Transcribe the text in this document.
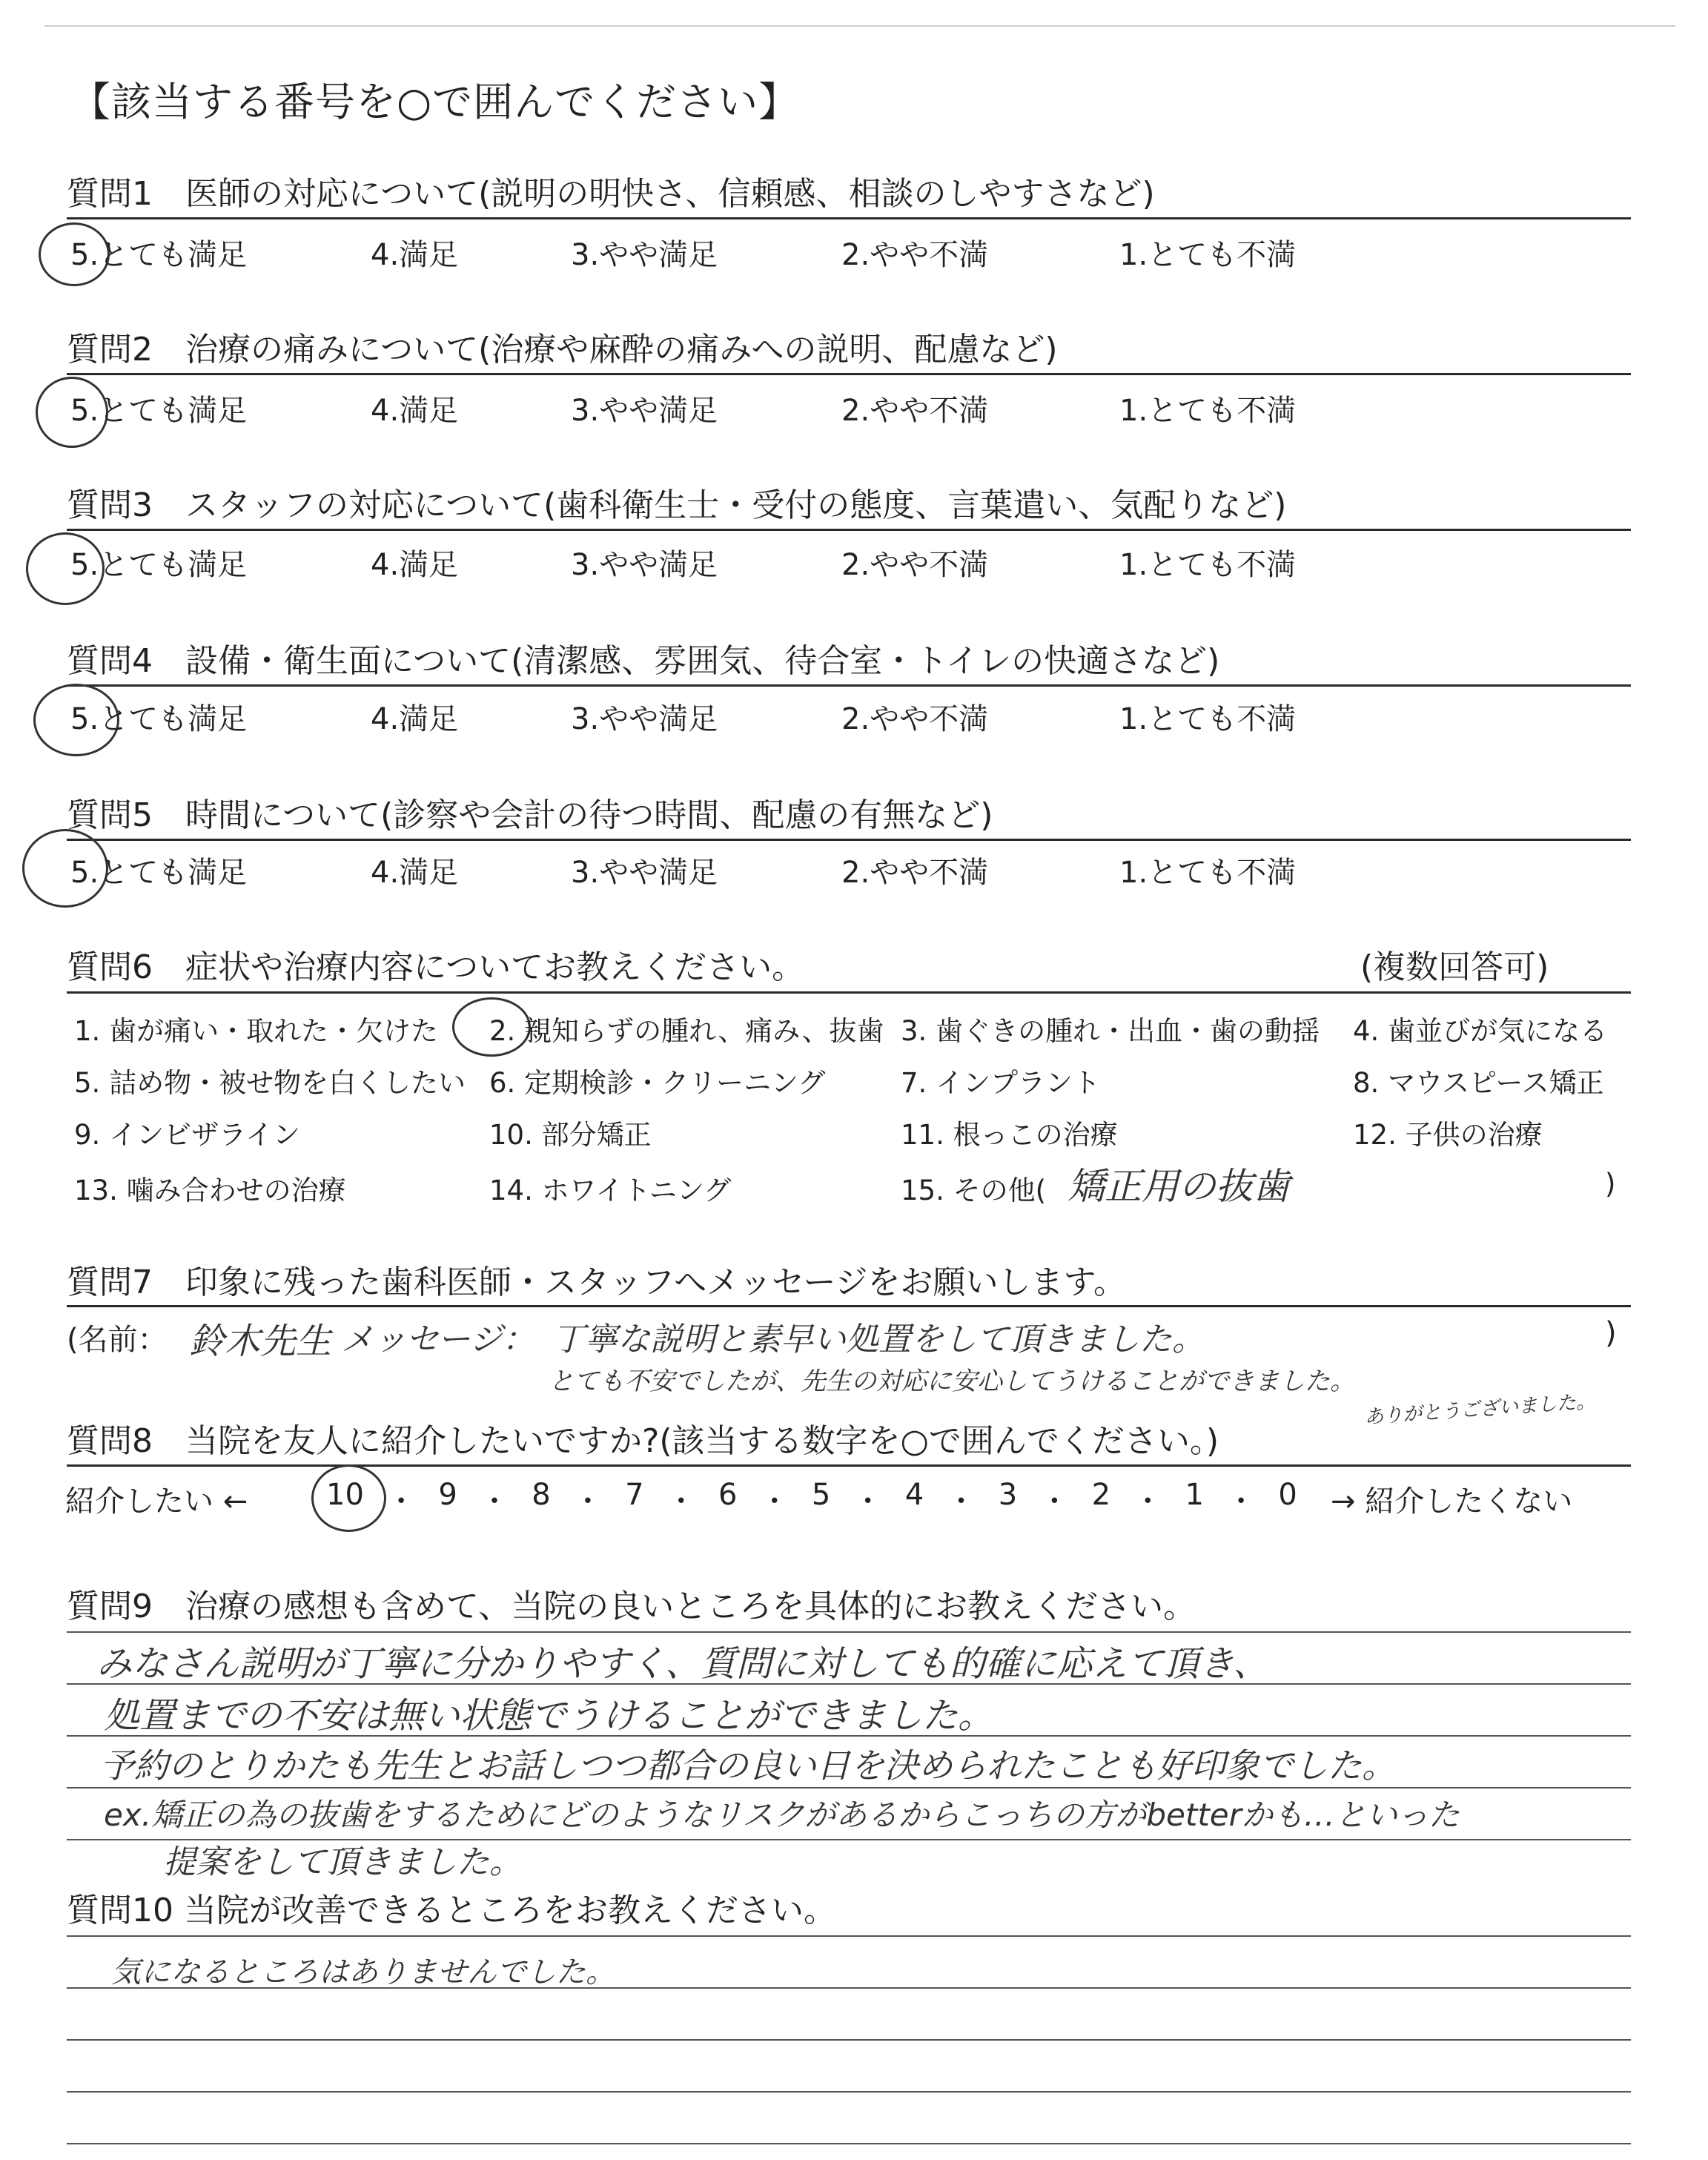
【該当する番号を○で囲んでください】
質問1　医師の対応について(説明の明快さ、信頼感、相談のしやすさなど)
5.とても満足	4.満足	3.やや満足	2.やや不満	1.とても不満
質問2　治療の痛みについて(治療や麻酔の痛みへの説明、配慮など)
5.とても満足	4.満足	3.やや満足	2.やや不満	1.とても不満
質問3　スタッフの対応について(歯科衛生士・受付の態度、言葉遣い、気配りなど)
5.とても満足	4.満足	3.やや満足	2.やや不満	1.とても不満
質問4　設備・衛生面について(清潔感、雰囲気、待合室・トイレの快適さなど)
5.とても満足	4.満足	3.やや満足	2.やや不満	1.とても不満
質問5　時間について(診察や会計の待つ時間、配慮の有無など)
5.とても満足	4.満足	3.やや満足	2.やや不満	1.とても不満
質問6　症状や治療内容についてお教えください。	(複数回答可)
1. 歯が痛い・取れた・欠けた 2. 親知らずの腫れ、痛み、抜歯 3. 歯ぐきの腫れ・出血・歯の動揺 4. 歯並びが気になる
5. 詰め物・被せ物を白くしたい 6. 定期検診・クリーニング	7. インプラント	8. マウスピース矯正
9. インビザライン	10. 部分矯正	11. 根っこの治療	12. 子供の治療
13. 噛み合わせの治療	14. ホワイトニング	15. その他( 矯正用の抜歯	)
質問7　印象に残った歯科医師・スタッフへメッセージをお願いします。
(名前： 鈴木先生 メッセージ： 丁寧な説明と素早い処置をして頂きました。	)
とても不安でしたが、先生の対応に安心してうけることができました。
ありがとうございました。
質問8　当院を友人に紹介したいですか?(該当する数字を○で囲んでください。)
紹介したい ←	10 ・ 9 ・ 8 ・ 7 ・ 6 ・ 5 ・ 4 ・ 3 ・ 2 ・ 1 ・ 0 → 紹介したくない
質問9　治療の感想も含めて、当院の良いところを具体的にお教えください。
みなさん説明が丁寧に分かりやすく、質問に対しても的確に応えて頂き、
処置までの不安は無い状態でうけることができました。
予約のとりかたも先生とお話しつつ都合の良い日を決められたことも好印象でした。
ex.矯正の為の抜歯をするためにどのようなリスクがあるからこっちの方がbetterかも…といった
提案をして頂きました。
質問10 当院が改善できるところをお教えください。
気になるところはありませんでした。
